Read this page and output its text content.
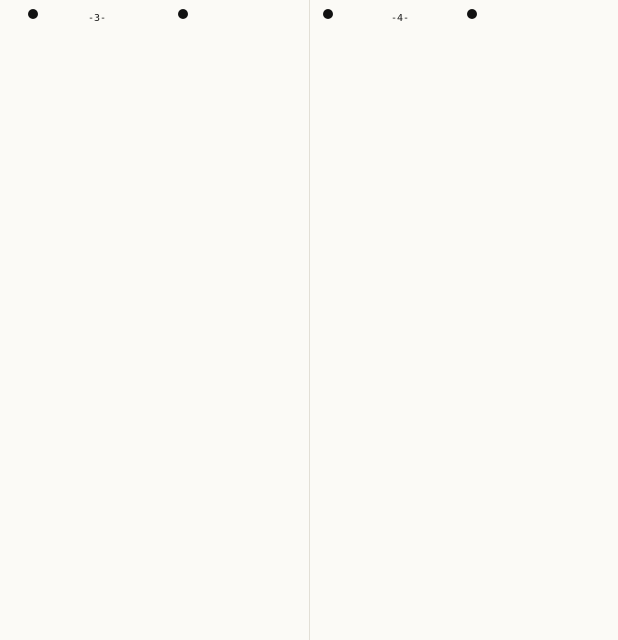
-3-	-4-
